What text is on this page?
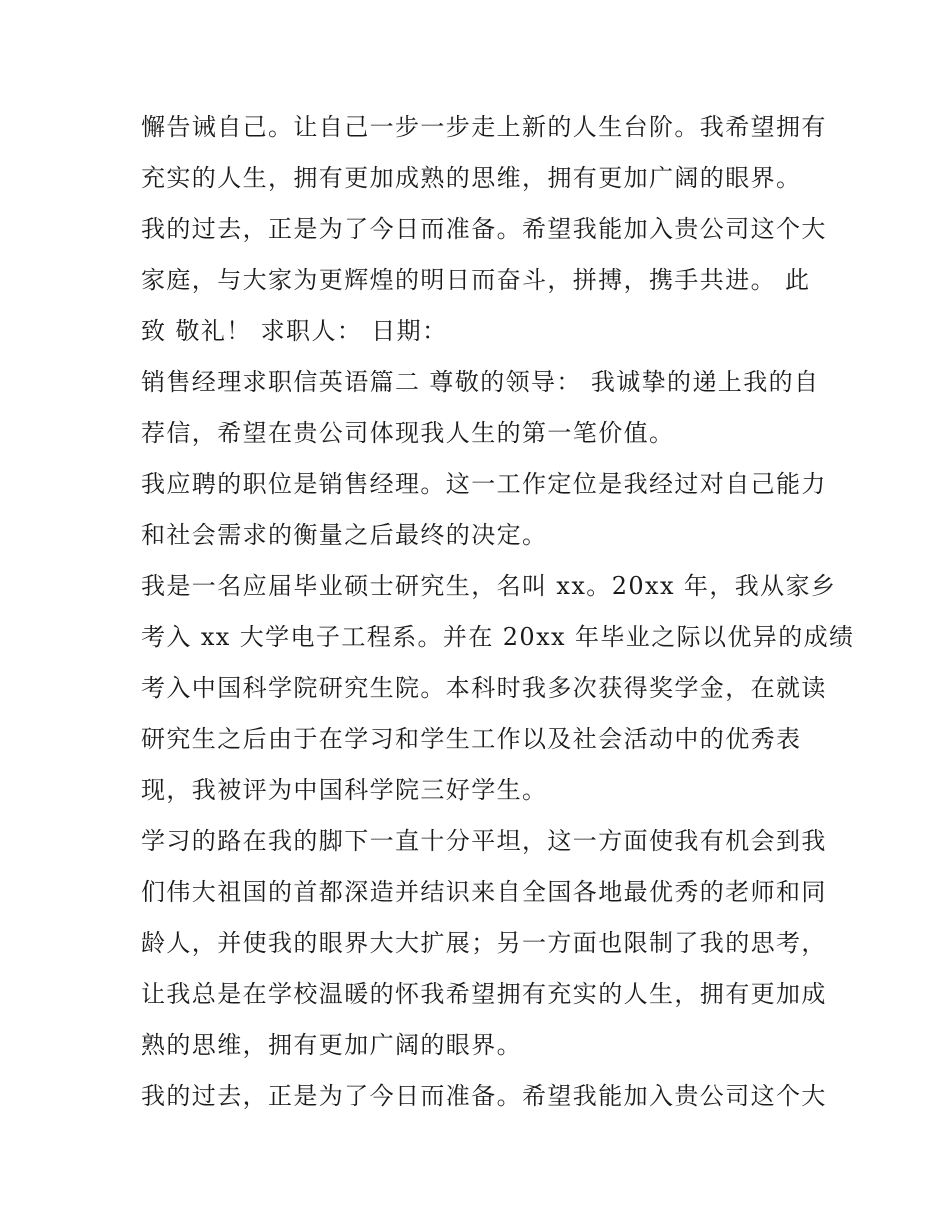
懈告诫自己。让自己一步一步走上新的人生台阶。我希望拥有
充实的人生，拥有更加成熟的思维，拥有更加广阔的眼界。
我的过去，正是为了今日而准备。希望我能加入贵公司这个大
家庭，与大家为更辉煌的明日而奋斗，拼搏，携手共进。 此
致 敬礼！ 求职人： 日期：
销售经理求职信英语篇二 尊敬的领导： 我诚挚的递上我的自
荐信，希望在贵公司体现我人生的第一笔价值。
我应聘的职位是销售经理。这一工作定位是我经过对自己能力
和社会需求的衡量之后最终的决定。
我是一名应届毕业硕士研究生，名叫 xx。20xx 年，我从家乡
考入 xx 大学电子工程系。并在 20xx 年毕业之际以优异的成绩
考入中国科学院研究生院。本科时我多次获得奖学金，在就读
研究生之后由于在学习和学生工作以及社会活动中的优秀表
现，我被评为中国科学院三好学生。
学习的路在我的脚下一直十分平坦，这一方面使我有机会到我
们伟大祖国的首都深造并结识来自全国各地最优秀的老师和同
龄人，并使我的眼界大大扩展；另一方面也限制了我的思考，
让我总是在学校温暖的怀我希望拥有充实的人生，拥有更加成
熟的思维，拥有更加广阔的眼界。
我的过去，正是为了今日而准备。希望我能加入贵公司这个大
